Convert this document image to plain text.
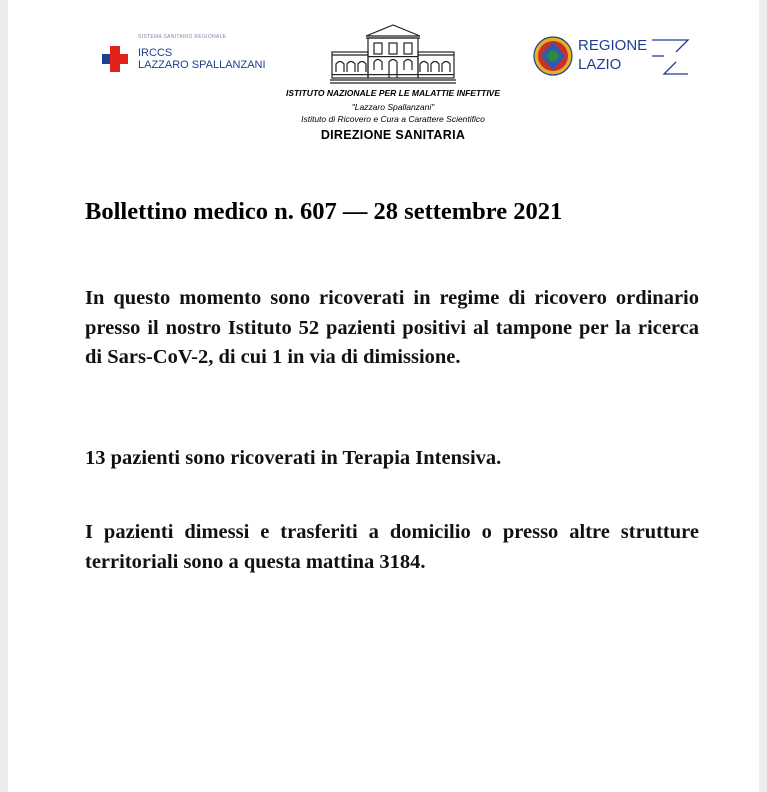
SISTEMA SANITARIO REGIONALE
IRCCS
LAZZARO SPALLANZANI
ISTITUTO NAZIONALE PER LE MALATTIE INFETTIVE
"Lazzaro Spallanzani"
Istituto di Ricovero e Cura a Carattere Scientifico
DIREZIONE SANITARIA
REGIONE
LAZIO
Bollettino medico n. 607 — 28 settembre 2021
In questo momento sono ricoverati in regime di ricovero ordinario presso il nostro Istituto 52 pazienti positivi al tampone per la ricerca di Sars-CoV-2, di cui 1 in via di dimissione.
13 pazienti sono ricoverati in Terapia Intensiva.
I pazienti dimessi e trasferiti a domicilio o presso altre strutture territoriali sono a questa mattina 3184.
